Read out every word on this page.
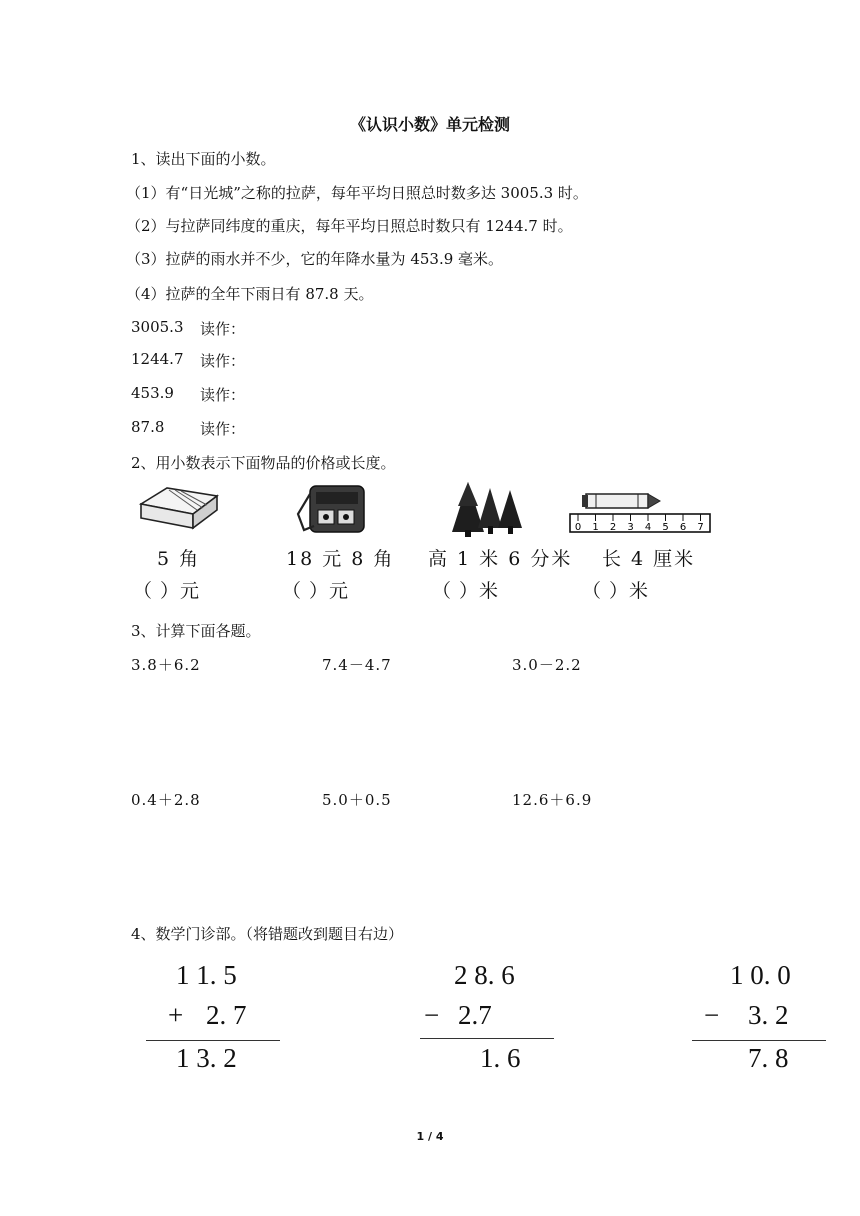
《认识小数》单元检测
1、读出下面的小数。
（1）有“日光城”之称的拉萨，每年平均日照总时数多达 3005.3 时。
（2）与拉萨同纬度的重庆，每年平均日照总时数只有 1244.7 时。
（3）拉萨的雨水并不少，它的年降水量为 453.9 毫米。
（4）拉萨的全年下雨日有 87.8 天。
3005.3 读作：
1244.7 读作：
453.9 读作：
87.8 读作：
2、用小数表示下面物品的价格或长度。
5 角
（ ）元
18 元 8 角
（ ）元
高 1 米 6 分米
（ ）米
0 1 2 3 4 5 6 7
长 4 厘米
（ ）米
3、计算下面各题。
3.8＋6.2	7.4－4.7	3.0－2.2
0.4＋2.8	5.0＋0.5	12.6＋6.9
4、数学门诊部。（将错题改到题目右边）
1 1. 5
+ 2. 7
1 3. 2
2 8. 6
− 2.7
1. 6
1 0. 0
− 3. 2
7. 8
1 / 4
